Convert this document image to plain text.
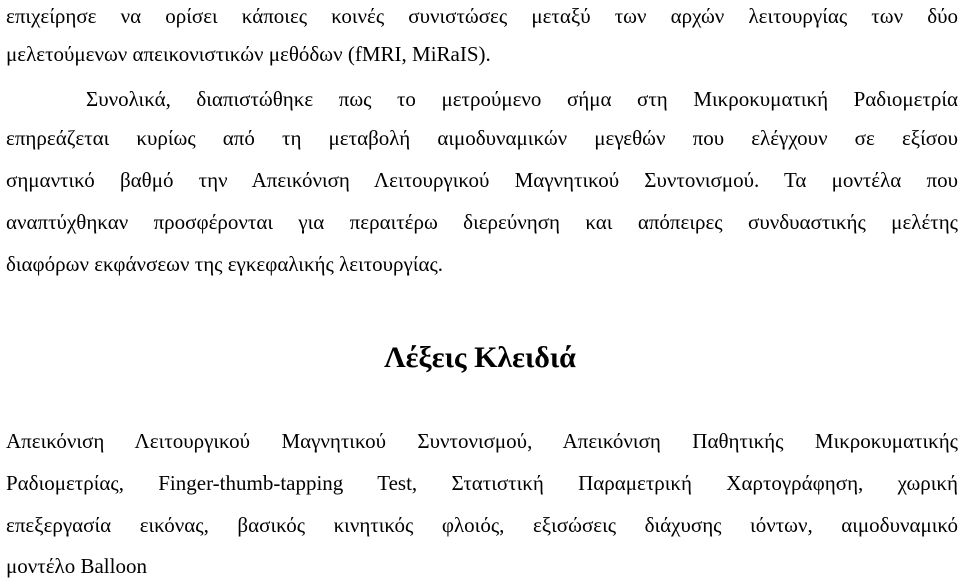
επιχείρησε να ορίσει κάποιες κοινές συνιστώσες μεταξύ των αρχών λειτουργίας των δύο
μελετούμενων απεικονιστικών μεθόδων (fMRI, MiRaIS).
Συνολικά, διαπιστώθηκε πως το μετρούμενο σήμα στη Μικροκυματική Ραδιομετρία
επηρεάζεται κυρίως από τη μεταβολή αιμοδυναμικών μεγεθών που ελέγχουν σε εξίσου
σημαντικό βαθμό την Απεικόνιση Λειτουργικού Μαγνητικού Συντονισμού. Τα μοντέλα που
αναπτύχθηκαν προσφέρονται για περαιτέρω διερεύνηση και απόπειρες συνδυαστικής μελέτης
διαφόρων εκφάνσεων της εγκεφαλικής λειτουργίας.
Λέξεις Κλειδιά
Απεικόνιση Λειτουργικού Μαγνητικού Συντονισμού, Απεικόνιση Παθητικής Μικροκυματικής
Ραδιομετρίας, Finger-thumb-tapping Test, Στατιστική Παραμετρική Χαρτογράφηση, χωρική
επεξεργασία εικόνας, βασικός κινητικός φλοιός, εξισώσεις διάχυσης ιόντων, αιμοδυναμικό
μοντέλο Balloon
